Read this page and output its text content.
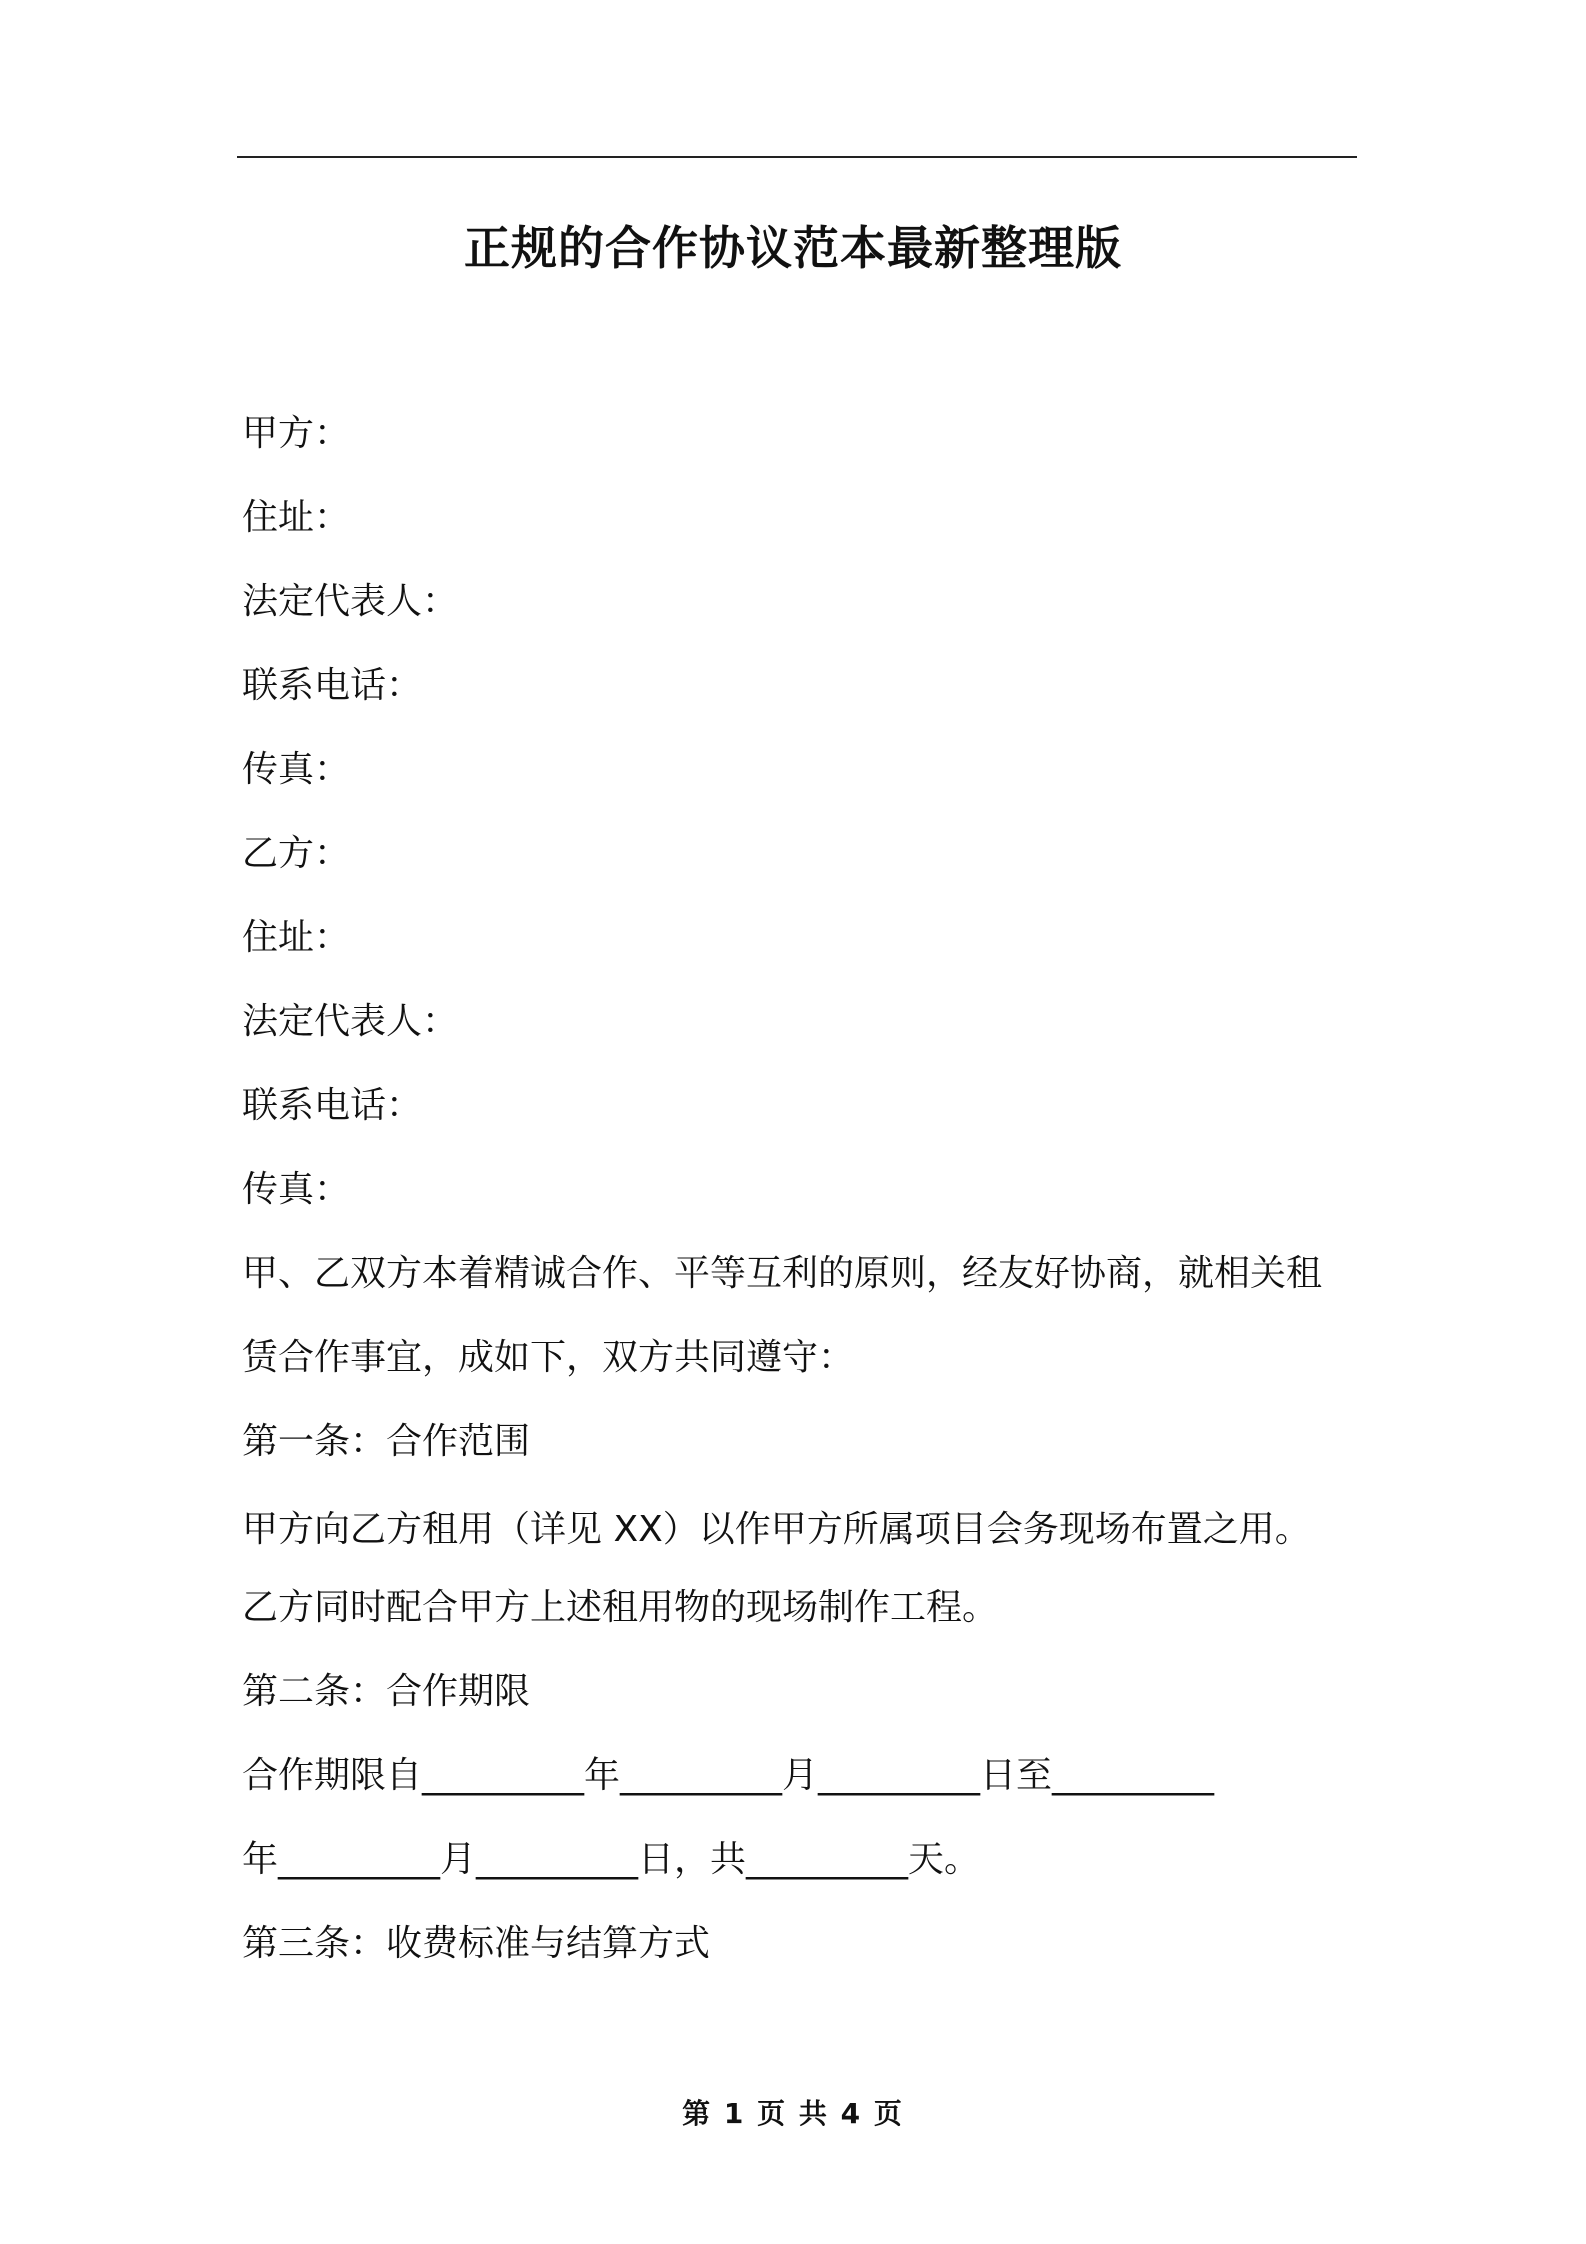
正规的合作协议范本最新整理版
甲方：
住址：
法定代表人：
联系电话：
传真：
乙方：
住址：
法定代表人：
联系电话：
传真：
甲、乙双方本着精诚合作、平等互利的原则，经友好协商，就相关租
赁合作事宜，成如下，双方共同遵守：
第一条：合作范围
甲方向乙方租用（详见 XX）以作甲方所属项目会务现场布置之用。
乙方同时配合甲方上述租用物的现场制作工程。
第二条：合作期限
合作期限自_________年_________月_________日至_________
年_________月_________日，共_________天。
第三条：收费标准与结算方式
第 1 页 共 4 页
